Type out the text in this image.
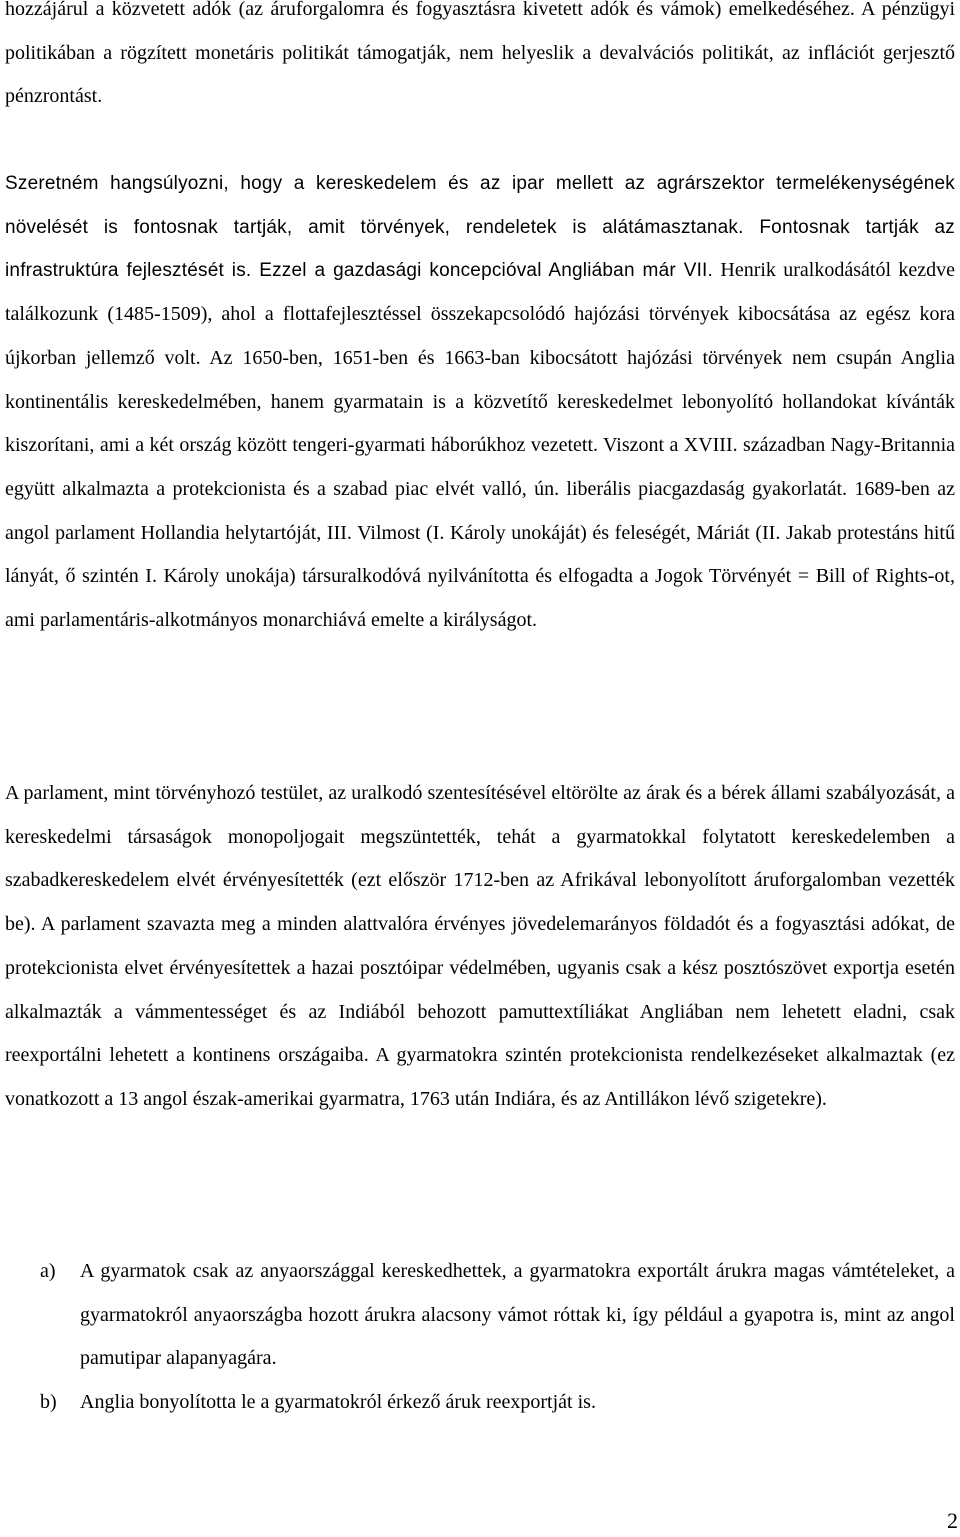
hozzájárul a közvetett adók (az áruforgalomra és fogyasztásra kivetett adók és vámok) emelkedéséhez. A pénzügyi politikában a rögzített monetáris politikát támogatják, nem helyeslik a devalvációs politikát, az inflációt gerjesztő pénzrontást.

Szeretném hangsúlyozni, hogy a kereskedelem és az ipar mellett az agrárszektor termelékenységének növelését is fontosnak tartják, amit törvények, rendeletek is alátámasztanak. Fontosnak tartják az infrastruktúra fejlesztését is. Ezzel a gazdasági koncepcióval Angliában már VII. Henrik uralkodásától kezdve találkozunk (1485-1509), ahol a flottafejlesztéssel összekapcsolódó hajózási törvények kibocsátása az egész kora újkorban jellemző volt. Az 1650-ben, 1651-ben és 1663-ban kibocsátott hajózási törvények nem csupán Anglia kontinentális kereskedelmében, hanem gyarmatain is a közvetítő kereskedelmet lebonyolító hollandokat kívánták kiszorítani, ami a két ország között tengeri-gyarmati háborúkhoz vezetett. Viszont a XVIII. században Nagy-Britannia együtt alkalmazta a protekcionista és a szabad piac elvét valló, ún. liberális piacgazdaság gyakorlatát. 1689-ben az angol parlament Hollandia helytartóját, III. Vilmost (I. Károly unokáját) és feleségét, Máriát (II. Jakab protestáns hitű lányát, ő szintén I. Károly unokája) társuralkodóvá nyilvánította és elfogadta a Jogok Törvényét = Bill of Rights-ot, ami parlamentáris-alkotmányos monarchiává emelte a királyságot.

A parlament, mint törvényhozó testület, az uralkodó szentesítésével eltörölte az árak és a bérek állami szabályozását, a kereskedelmi társaságok monopoljogait megszüntették, tehát a gyarmatokkal folytatott kereskedelemben a szabadkereskedelem elvét érvényesítették (ezt először 1712-ben az Afrikával lebonyolított áruforgalomban vezették be). A parlament szavazta meg a minden alattvalóra érvényes jövedelemarányos földadót és a fogyasztási adókat, de protekcionista elvet érvényesítettek a hazai posztóipar védelmében, ugyanis csak a kész posztószövet exportja esetén alkalmazták a vámmentességet és az Indiából behozott pamuttextíliákat Angliában nem lehetett eladni, csak reexportálni lehetett a kontinens országaiba. A gyarmatokra szintén protekcionista rendelkezéseket alkalmaztak (ez vonatkozott a 13 angol észak-amerikai gyarmatra, 1763 után Indiára, és az Antillákon lévő szigetekre).

a) A gyarmatok csak az anyaországgal kereskedhettek, a gyarmatokra exportált árukra magas vámtételeket, a gyarmatokról anyaországba hozott árukra alacsony vámot róttak ki, így például a gyapotra is, mint az angol pamutipar alapanyagára.
b) Anglia bonyolította le a gyarmatokról érkező áruk reexportját is.
2
